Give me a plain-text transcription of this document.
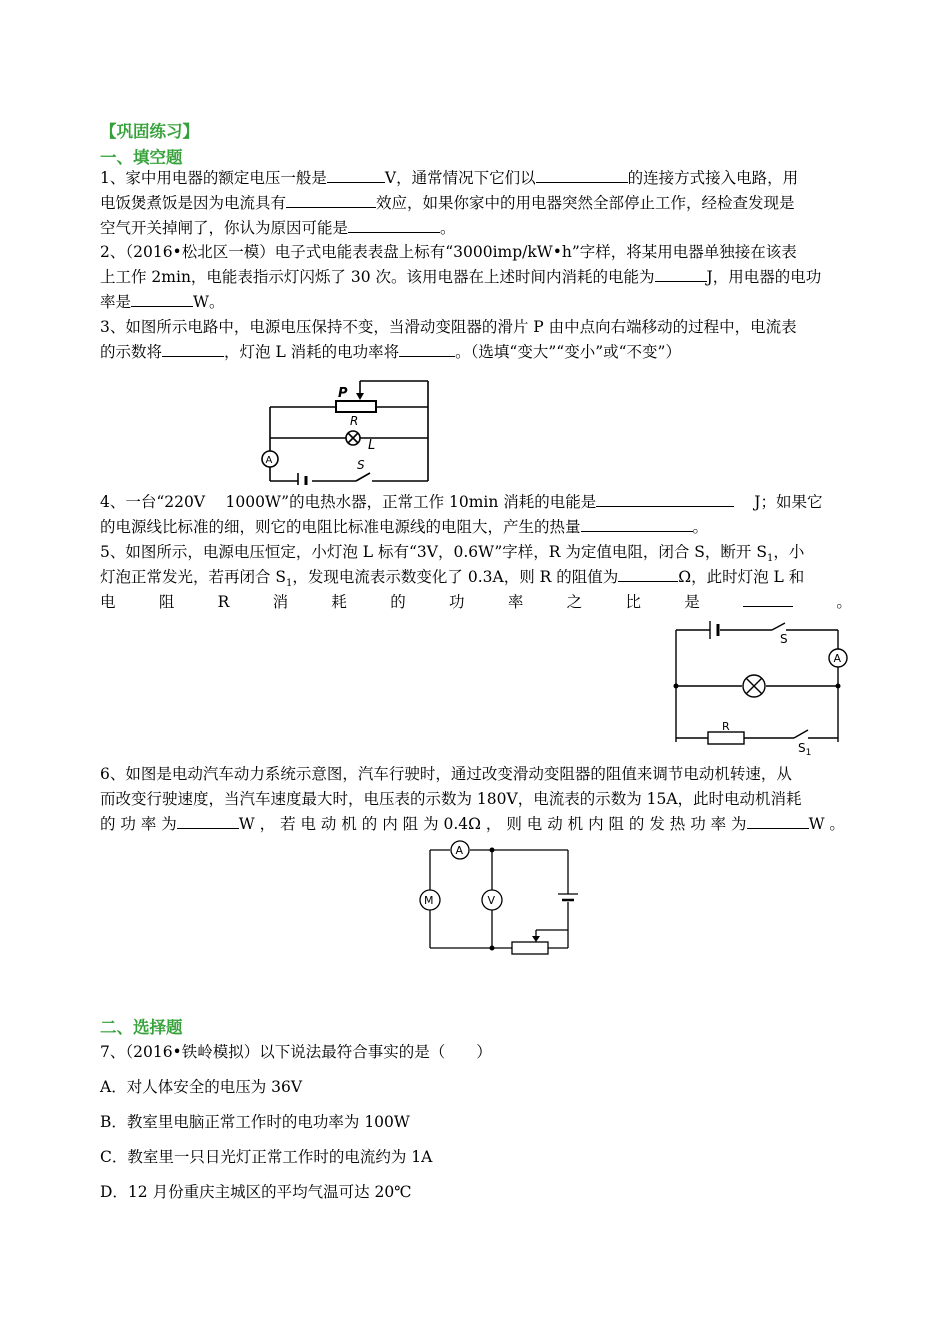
【巩固练习】
一、填空题
1、家中用电器的额定电压一般是	V，通常情况下它们以	的连接方式接入电路，用
电饭煲煮饭是因为电流具有	效应，如果你家中的用电器突然全部停止工作，经检查发现是
空气开关掉闸了，你认为原因可能是	。
2、（2016•松北区一模）电子式电能表表盘上标有“3000imp/kW•h”字样，将某用电器单独接在该表
上工作 2min，电能表指示灯闪烁了 30 次。该用电器在上述时间内消耗的电能为	J，用电器的电功
率是	W。
3、如图所示电路中，电源电压保持不变，当滑动变阻器的滑片 P 由中点向右端移动的过程中，电流表
的示数将	，灯泡 L 消耗的电功率将	。（选填“变大”“变小”或“不变”）
P
R
L
A	S
4、一台“220V　 1000W”的电热水器，正常工作 10min 消耗的电能是	J；如果它
的电源线比标准的细，则它的电阻比标准电源线的电阻大，产生的热量	。
5、如图所示，电源电压恒定，小灯泡 L 标有“3V，0.6W”字样，R 为定值电阻，闭合 S，断开 $S_1$，小
灯泡正常发光，若再闭合 $S_1$，发现电流表示数变化了 0.3A，则 R 的阻值为	Ω，此时灯泡 L 和
电	阻	R	消	耗	的	功	率	之	比	是	。
S
A
R
$S_1$
6、如图是电动汽车动力系统示意图，汽车行驶时，通过改变滑动变阻器的阻值来调节电动机转速，从
而改变行驶速度，当汽车速度最大时，电压表的示数为 180V，电流表的示数为 15A，此时电动机消耗
的 功 率 为	W ， 若 电 动 机 的 内 阻 为 0.4Ω ， 则 电 动 机 内 阻 的 发 热 功 率 为	W 。
A
M	V
二、选择题
7、（2016•铁岭模拟）以下说法最符合事实的是（　　）
A．对人体安全的电压为 36V
B．教室里电脑正常工作时的电功率为 100W
C．教室里一只日光灯正常工作时的电流约为 1A
D．12 月份重庆主城区的平均气温可达 20℃
